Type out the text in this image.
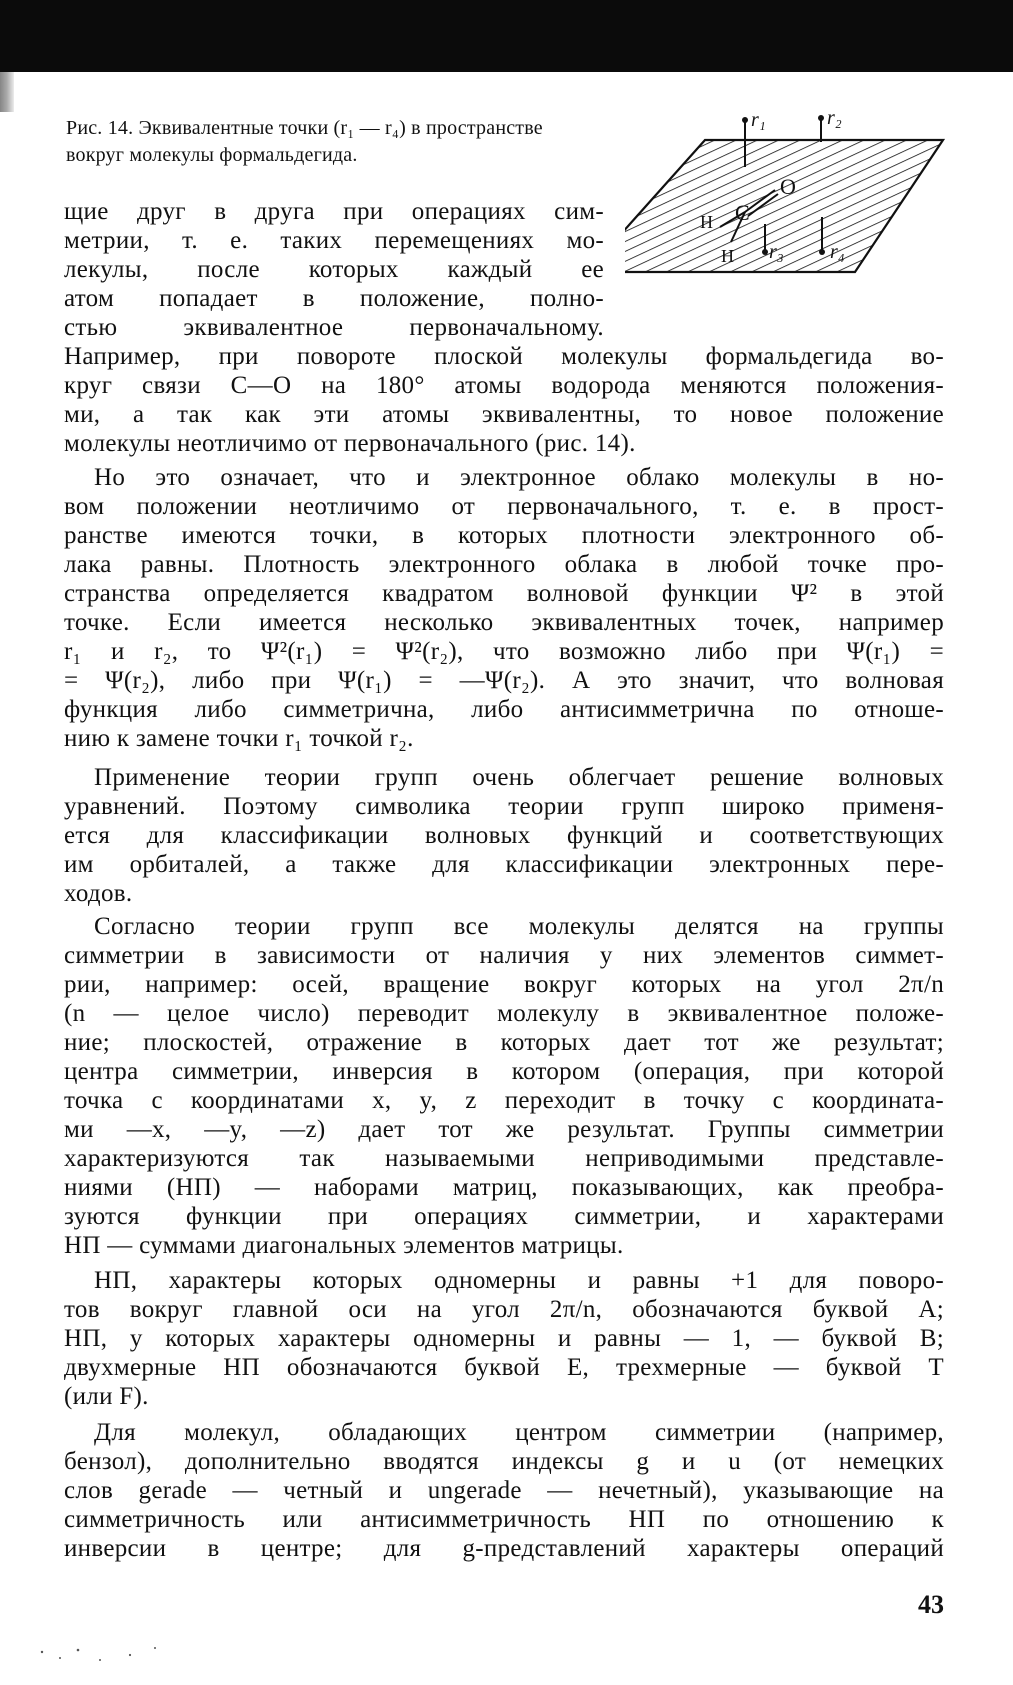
Рис. 14. Эквивалентные точки (r₁ — r₄) в пространстве вокруг молекулы формальдегида.
O
C
H
H
r₁	r₂
r₃ r₄
щие друг в друга при операциях сим-
метрии, т. е. таких перемещениях мо-
лекулы, после которых каждый ее
атом попадает в положение, полно-
стью эквивалентное первоначальному.
Например, при повороте плоской молекулы формальдегида во-
круг связи С—О на 180° атомы водорода меняются положения-
ми, а так как эти атомы эквивалентны, то новое положение
молекулы неотличимо от первоначального (рис. 14).
Но это означает, что и электронное облако молекулы в но-
вом положении неотличимо от первоначального, т. е. в прост-
ранстве имеются точки, в которых плотности электронного об-
лака равны. Плотность электронного облака в любой точке про-
странства определяется квадратом волновой функции Ψ² в этой
точке. Если имеется несколько эквивалентных точек, например
r₁ и r₂, то Ψ²(r₁) = Ψ²(r₂), что возможно либо при Ψ(r₁) =
= Ψ(r₂), либо при Ψ(r₁) = —Ψ(r₂). А это значит, что волновая
функция либо симметрична, либо антисимметрична по отноше-
нию к замене точки r₁ точкой r₂.
Применение теории групп очень облегчает решение волновых
уравнений. Поэтому символика теории групп широко применя-
ется для классификации волновых функций и соответствующих
им орбиталей, а также для классификации электронных пере-
ходов.
Согласно теории групп все молекулы делятся на группы
симметрии в зависимости от наличия у них элементов симмет-
рии, например: осей, вращение вокруг которых на угол 2π/n
(n — целое число) переводит молекулу в эквивалентное положе-
ние; плоскостей, отражение в которых дает тот же результат;
центра симметрии, инверсия в котором (операция, при которой
точка с координатами x, y, z переходит в точку с координата-
ми —x, —y, —z) дает тот же результат. Группы симметрии
характеризуются так называемыми неприводимыми представле-
ниями (НП) — наборами матриц, показывающих, как преобра-
зуются функции при операциях симметрии, и характерами
НП — суммами диагональных элементов матрицы.
НП, характеры которых одномерны и равны +1 для поворо-
тов вокруг главной оси на угол 2π/n, обозначаются буквой A;
НП, у которых характеры одномерны и равны — 1, — буквой B;
двухмерные НП обозначаются буквой E, трехмерные — буквой T
(или F).
Для молекул, обладающих центром симметрии (например,
бензол), дополнительно вводятся индексы g и u (от немецких
слов gerade — четный и ungerade — нечетный), указывающие на
симметричность или антисимметричность НП по отношению к
инверсии в центре; для g-представлений характеры операций
43
